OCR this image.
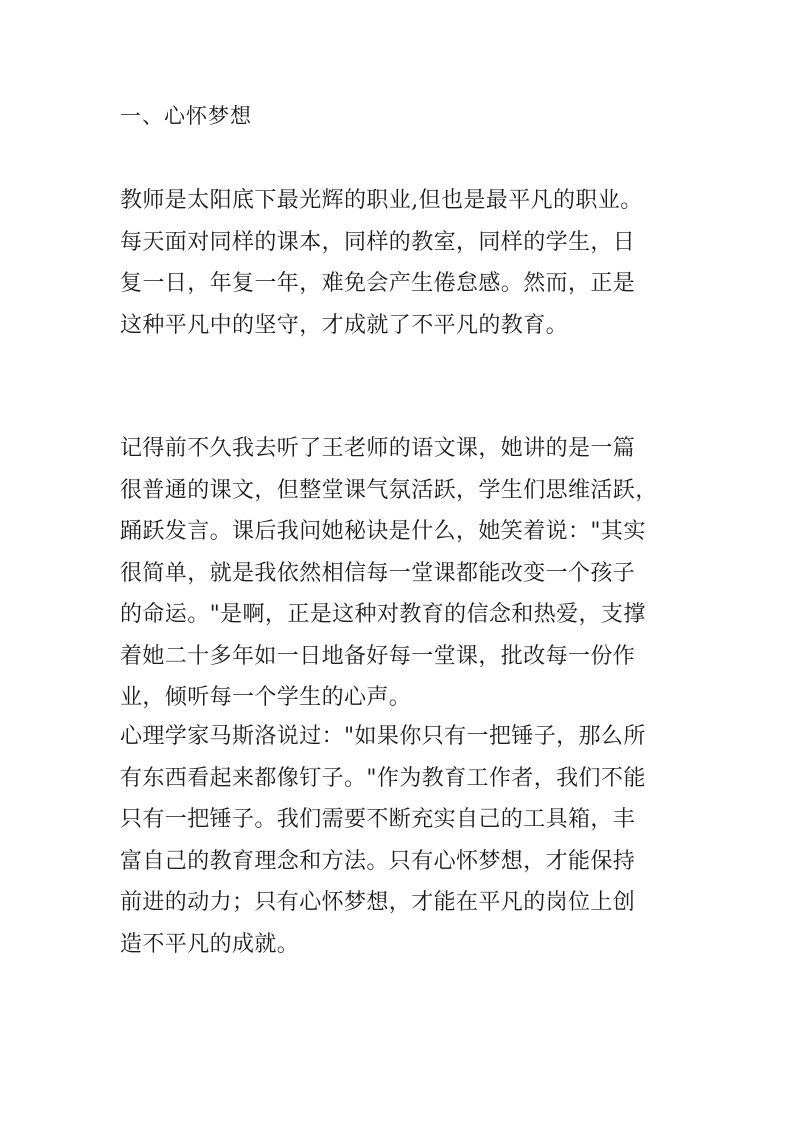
一、心怀梦想
教师是太阳底下最光辉的职业,但也是最平凡的职业。
每天面对同样的课本，同样的教室，同样的学生，日
复一日，年复一年，难免会产生倦怠感。然而，正是
这种平凡中的坚守，才成就了不平凡的教育。
记得前不久我去听了王老师的语文课，她讲的是一篇
很普通的课文，但整堂课气氛活跃，学生们思维活跃，
踊跃发言。课后我问她秘诀是什么，她笑着说："其实
很简单，就是我依然相信每一堂课都能改变一个孩子
的命运。"是啊，正是这种对教育的信念和热爱，支撑
着她二十多年如一日地备好每一堂课，批改每一份作
业，倾听每一个学生的心声。
心理学家马斯洛说过："如果你只有一把锤子，那么所
有东西看起来都像钉子。"作为教育工作者，我们不能
只有一把锤子。我们需要不断充实自己的工具箱，丰
富自己的教育理念和方法。只有心怀梦想，才能保持
前进的动力；只有心怀梦想，才能在平凡的岗位上创
造不平凡的成就。
